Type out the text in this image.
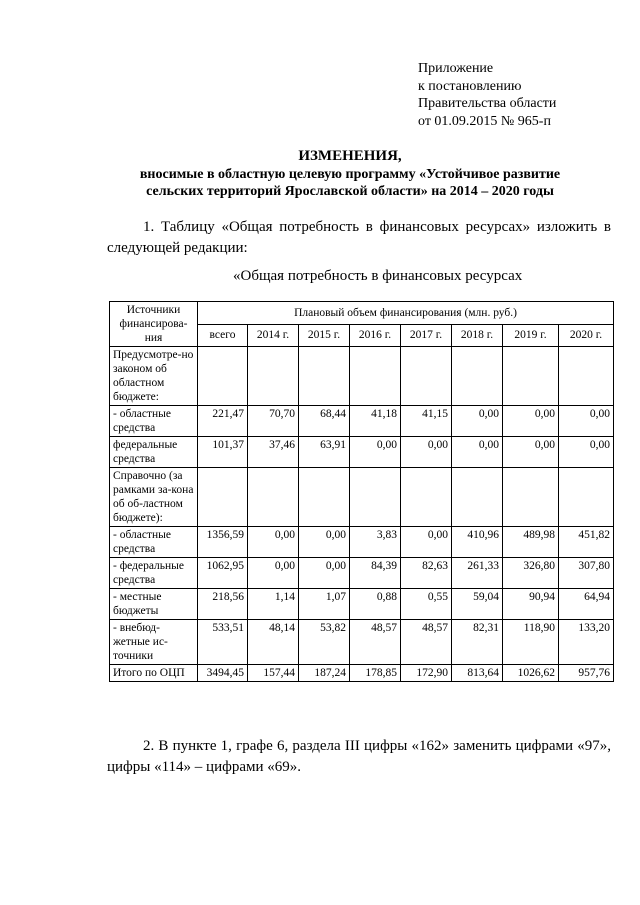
Приложение
к постановлению
Правительства области
от 01.09.2015 № 965-п
ИЗМЕНЕНИЯ,
вносимые в областную целевую программу «Устойчивое развитие
сельских территорий Ярославской области» на 2014 – 2020 годы
1. Таблицу «Общая потребность в финансовых ресурсах» изложить в следующей редакции:
«Общая потребность в финансовых ресурсах
Источники финансирова-ния	Плановый объем финансирования (млн. руб.)							
	всего	2014 г.	2015 г.	2016 г.	2017 г.	2018 г.	2019 г.	2020 г.
Предусмотре-но законом об областном бюджете:								
- областные средства	221,47	70,70	68,44	41,18	41,15	0,00	0,00	0,00
федеральные средства	101,37	37,46	63,91	0,00	0,00	0,00	0,00	0,00
Справочно (за рамками за-кона об об-ластном бюджете):								
- областные средства	1356,59	0,00	0,00	3,83	0,00	410,96	489,98	451,82
- федеральные средства	1062,95	0,00	0,00	84,39	82,63	261,33	326,80	307,80
- местные бюджеты	218,56	1,14	1,07	0,88	0,55	59,04	90,94	64,94
- внебюд-жетные ис-точники	533,51	48,14	53,82	48,57	48,57	82,31	118,90	133,20
Итого по ОЦП	3494,45	157,44	187,24	178,85	172,90	813,64	1026,62	957,76
2. В пункте 1, графе 6, раздела III цифры «162» заменить цифрами «97», цифры «114» – цифрами «69».
